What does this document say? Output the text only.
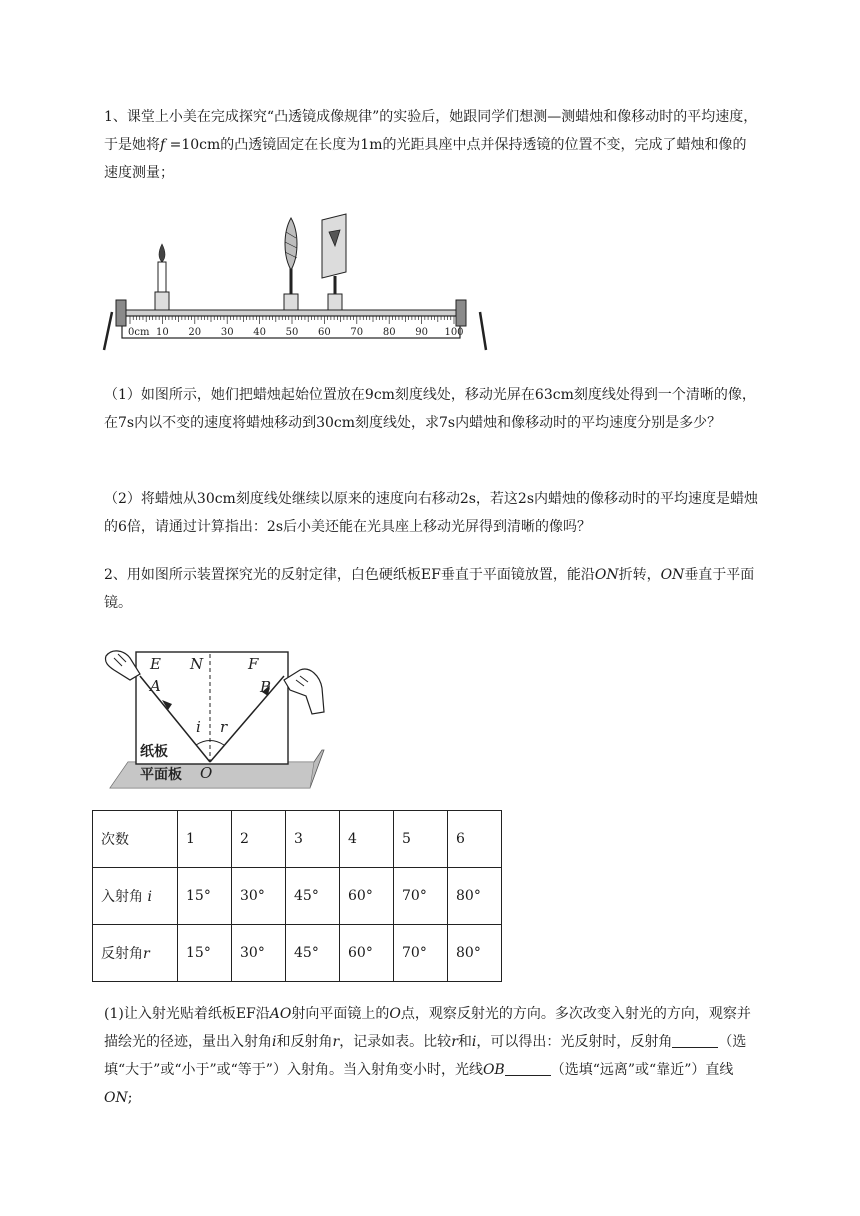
1、课堂上小美在完成探究“凸透镜成像规律”的实验后，她跟同学们想测—测蜡烛和像移动时的平均速度，于是她将f =10cm的凸透镜固定在长度为1m的光距具座中点并保持透镜的位置不变，完成了蜡烛和像的速度测量；

0cm 10 20 30 40 50 60 70 80 90 100

（1）如图所示，她们把蜡烛起始位置放在9cm刻度线处，移动光屏在63cm刻度线处得到一个清晰的像，在7s内以不变的速度将蜡烛移动到30cm刻度线处，求7s内蜡烛和像移动时的平均速度分别是多少？

（2）将蜡烛从30cm刻度线处继续以原来的速度向右移动2s，若这2s内蜡烛的像移动时的平均速度是蜡烛的6倍，请通过计算指出：2s后小美还能在光具座上移动光屏得到清晰的像吗？

2、用如图所示装置探究光的反射定律，白色硬纸板EF垂直于平面镜放置，能沿ON折转，ON垂直于平面镜。

E N	F
A	B
i r
O
纸板
平面板
次数	1	2	3	4	5	6
入射角 i	15°	30°	45°	60°	70°	80°
反射角r	15°	30°	45°	60°	70°	80°

(1)让入射光贴着纸板EF沿AO射向平面镜上的O点，观察反射光的方向。多次改变入射光的方向，观察并描绘光的径迹，量出入射角i和反射角r，记录如表。比较r和i，可以得出：光反射时，反射角	（选填“大于”或“小于”或“等于”）入射角。当入射角变小时，光线OB	（选填“远离”或“靠近”）直线ON;
